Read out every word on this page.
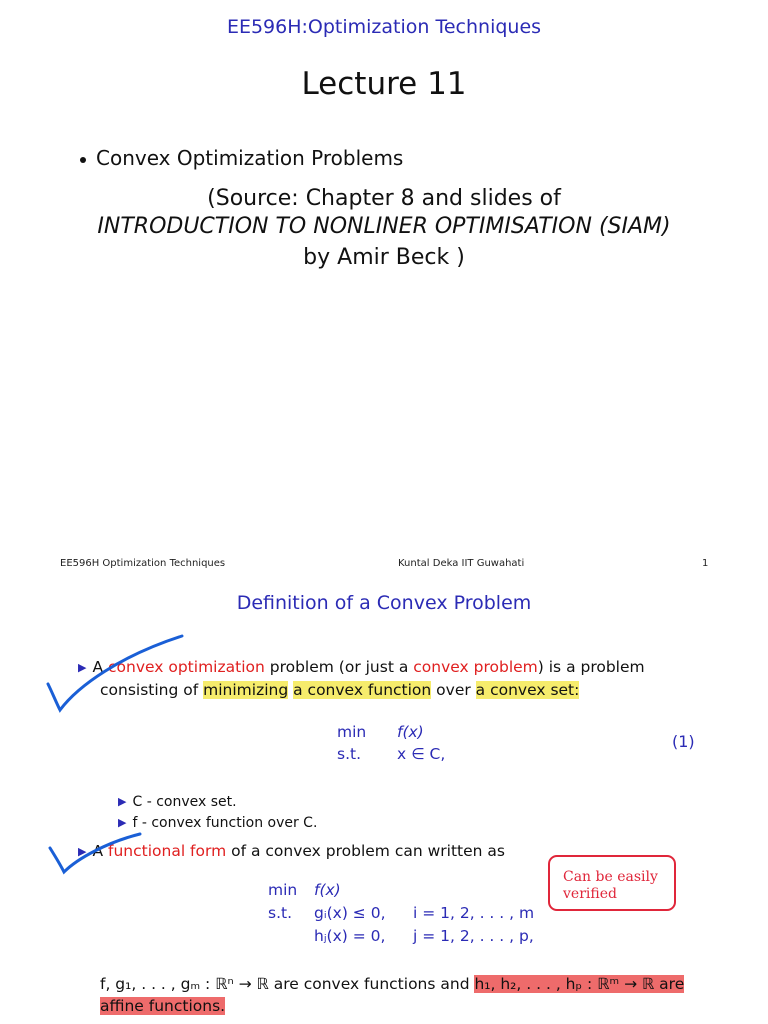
EE596H:Optimization Techniques
Lecture 11
Convex Optimization Problems
(Source: Chapter 8 and slides of
INTRODUCTION TO NONLINER OPTIMISATION (SIAM)
by Amir Beck )
EE596H Optimization Techniques	Kuntal Deka IIT Guwahati	1
Definition of a Convex Problem
▶ A convex optimization problem (or just a convex problem) is a problem
consisting of minimizing a convex function over a convex set:
min f(x)
s.t. x ∈ C,
(1)
▶ C - convex set.
▶ f - convex function over C.
▶ A functional form of a convex problem can written as
min f(x)
s.t. gᵢ(x) ≤ 0, i = 1, 2, . . . , m
hⱼ(x) = 0, j = 1, 2, . . . , p,
f, g₁, . . . , gₘ : ℝⁿ → ℝ are convex functions and h₁, h₂, . . . , hₚ : ℝᵐ → ℝ are
affine functions.
Can be easily verified
